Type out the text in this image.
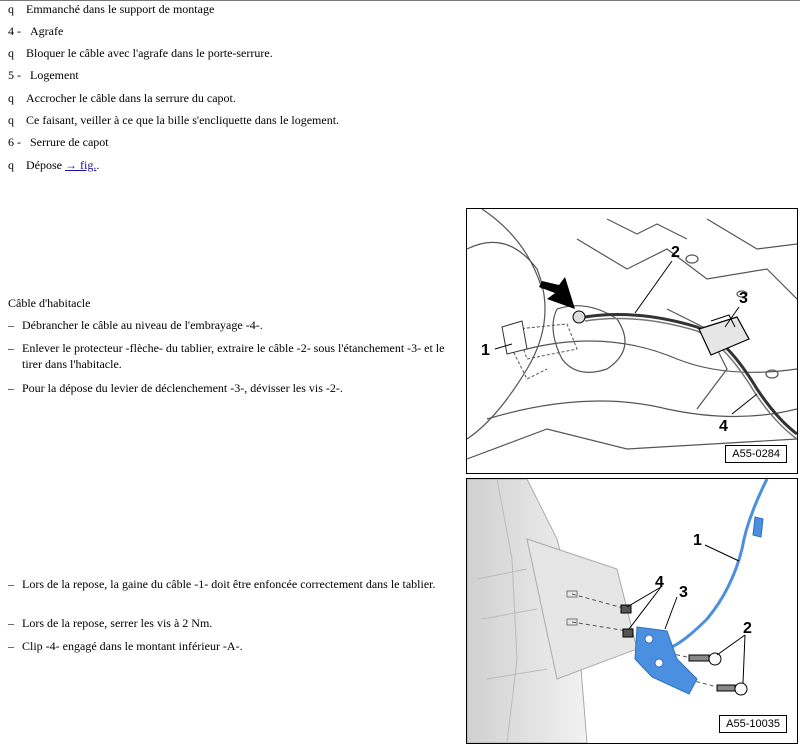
q Emmanché dans le support de montage
4 - Agrafe
q Bloquer le câble avec l'agrafe dans le porte-serrure.
5 - Logement
q Accrocher le câble dans la serrure du capot.
q Ce faisant, veiller à ce que la bille s'encliquette dans le logement.
6 - Serrure de capot
q Dépose → fig..
Câble d'habitacle
– Débrancher le câble au niveau de l'embrayage -4-.
– Enlever le protecteur -flèche- du tablier, extraire le câble -2- sous l'étanchement -3- et le tirer dans l'habitacle.
– Pour la dépose du levier de déclenchement -3-, dévisser les vis -2-.
– Lors de la repose, la gaine du câble -1- doit être enfoncée correctement dans le tablier.
– Lors de la repose, serrer les vis à 2 Nm.
– Clip -4- engagé dans le montant inférieur -A-.
2
3
4
1
A55-0284
1
4
3
2
A55-10035
